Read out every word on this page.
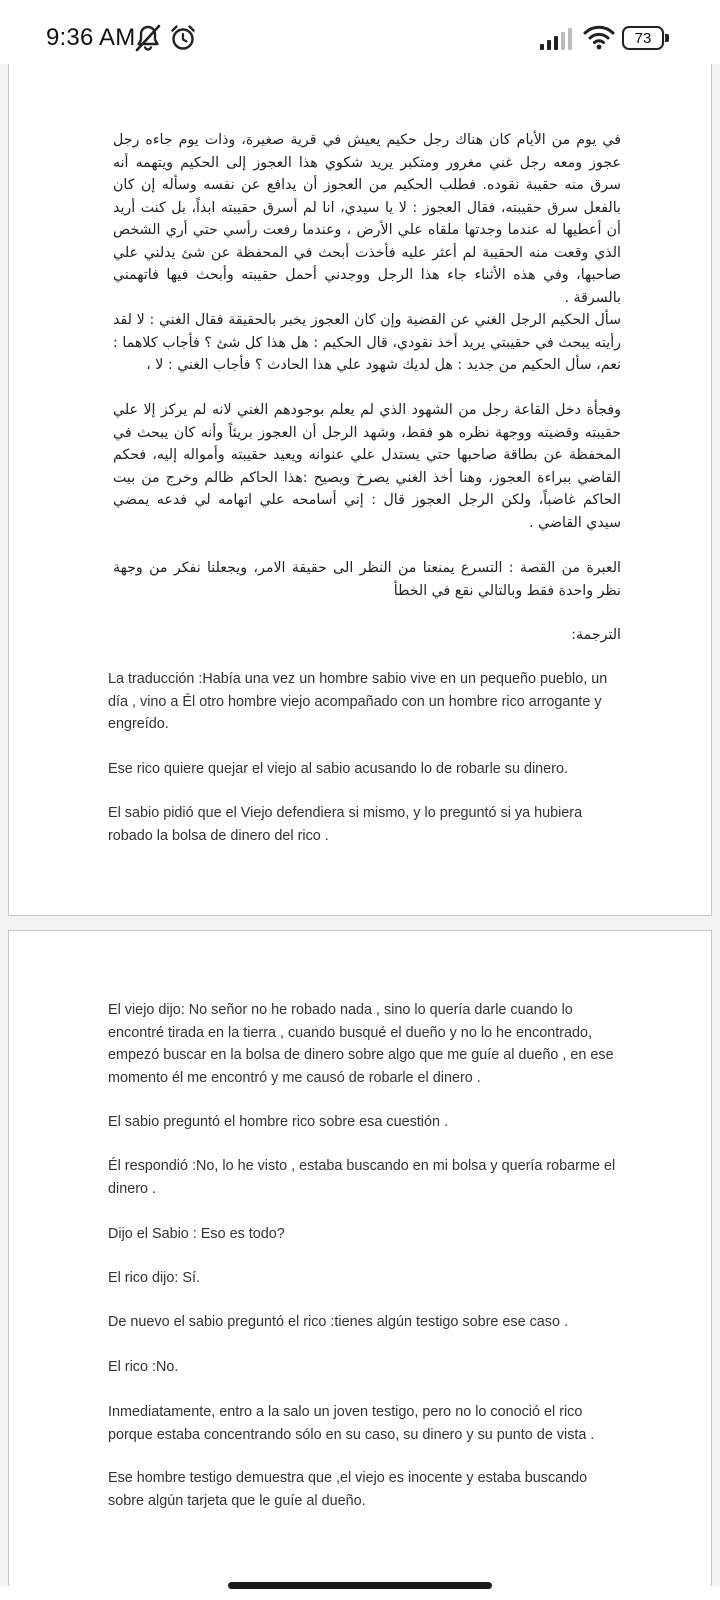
9:36 AM	73

في يوم من الأيام كان هناك رجل حكيم يعيش في قرية صغيرة، وذات يوم جاءه رجل عجوز ومعه رجل غني مغرور ومتكبر يريد شكوي هذا العجوز إلى الحكيم ويتهمه أنه سرق منه حقيبة نقوده. فطلب الحكيم من العجوز أن يدافع عن نفسه وسأله إن كان بالفعل سرق حقيبته، فقال العجوز : لا يا سيدي، انا لم أسرق حقيبته ابداً، بل كنت أريد أن أعطيها له عندما وجدتها ملقاه علي الأرض ، وعندما رفعت رأسي حتي أري الشخص الذي وقعت منه الحقيبة لم أعثر عليه فأخذت أبحث في المحفظة عن شئ يدلني علي صاحبها، وفي هذه الأثناء جاء هذا الرجل ووجدني أحمل حقيبته وأبحث فيها فاتهمني بالسرقة .

سأل الحكيم الرجل الغني عن القضية وإن كان العجوز يخبر بالحقيقة فقال الغني : لا لقد رأيته يبحث في حقيبتي يريد أخذ نقودي، قال الحكيم : هل هذا كل شئ ؟ فأجاب كلاهما : نعم، سأل الحكيم من جديد : هل لديك شهود علي هذا الحادث ؟ فأجاب الغني : لا ،

وفجأة دخل القاعة رجل من الشهود الذي لم يعلم بوجودهم الغني لانه لم يركز إلا علي حقيبته وقضيته ووجهة نظره هو فقط، وشهد الرجل أن العجوز بريئاً وأنه كان يبحث في المحفظة عن بطاقة صاحبها حتي يستدل علي عنوانه ويعيد حقيبته وأمواله إليه، فحكم القاضي ببراءة العجوز، وهنا أخذ الغني يصرخ ويصيح :هذا الحاكم ظالم وخرج من بيت الحاكم غاضباً، ولكن الرجل العجوز قال : إني أسامحه علي اتهامه لي فدعه يمضي سيدي القاضي .

العبرة من القصة : التسرع يمنعنا من النظر الى حقيقة الامر، ويجعلنا نفكر من وجهة نظر واحدة فقط وبالتالي نقع في الخطأ

الترجمة:

La traducción :Había una vez un hombre sabio vive en un pequeño pueblo, un día , vino a Él otro hombre viejo acompañado con un hombre rico arrogante y engreído.

Ese rico quiere quejar el viejo al sabio acusando lo de robarle su dinero.

El sabio pidió que el Viejo defendiera si mismo, y lo preguntó si ya hubiera robado la bolsa de dinero del rico .

El viejo dijo: No señor no he robado nada , sino lo quería darle cuando lo encontré tirada en la tierra , cuando busqué el dueño y no lo he encontrado, empezó buscar en la bolsa de dinero sobre algo que me guíe al dueño , en ese momento él me encontró y me causó de robarle el dinero .

El sabio preguntó el hombre rico sobre esa cuestión .

Él respondió :No, lo he visto , estaba buscando en mi bolsa y quería robarme el dinero .

Dijo el Sabio : Eso es todo?

El rico dijo: Sí.

De nuevo el sabio preguntó el rico :tienes algún testigo sobre ese caso .

El rico :No.

Inmediatamente, entro a la salo un joven testigo, pero no lo conoció el rico porque estaba concentrando sólo en su caso, su dinero y su punto de vista .

Ese hombre testigo demuestra que ,el viejo es inocente y estaba buscando sobre algún tarjeta que le guíe al dueño.
